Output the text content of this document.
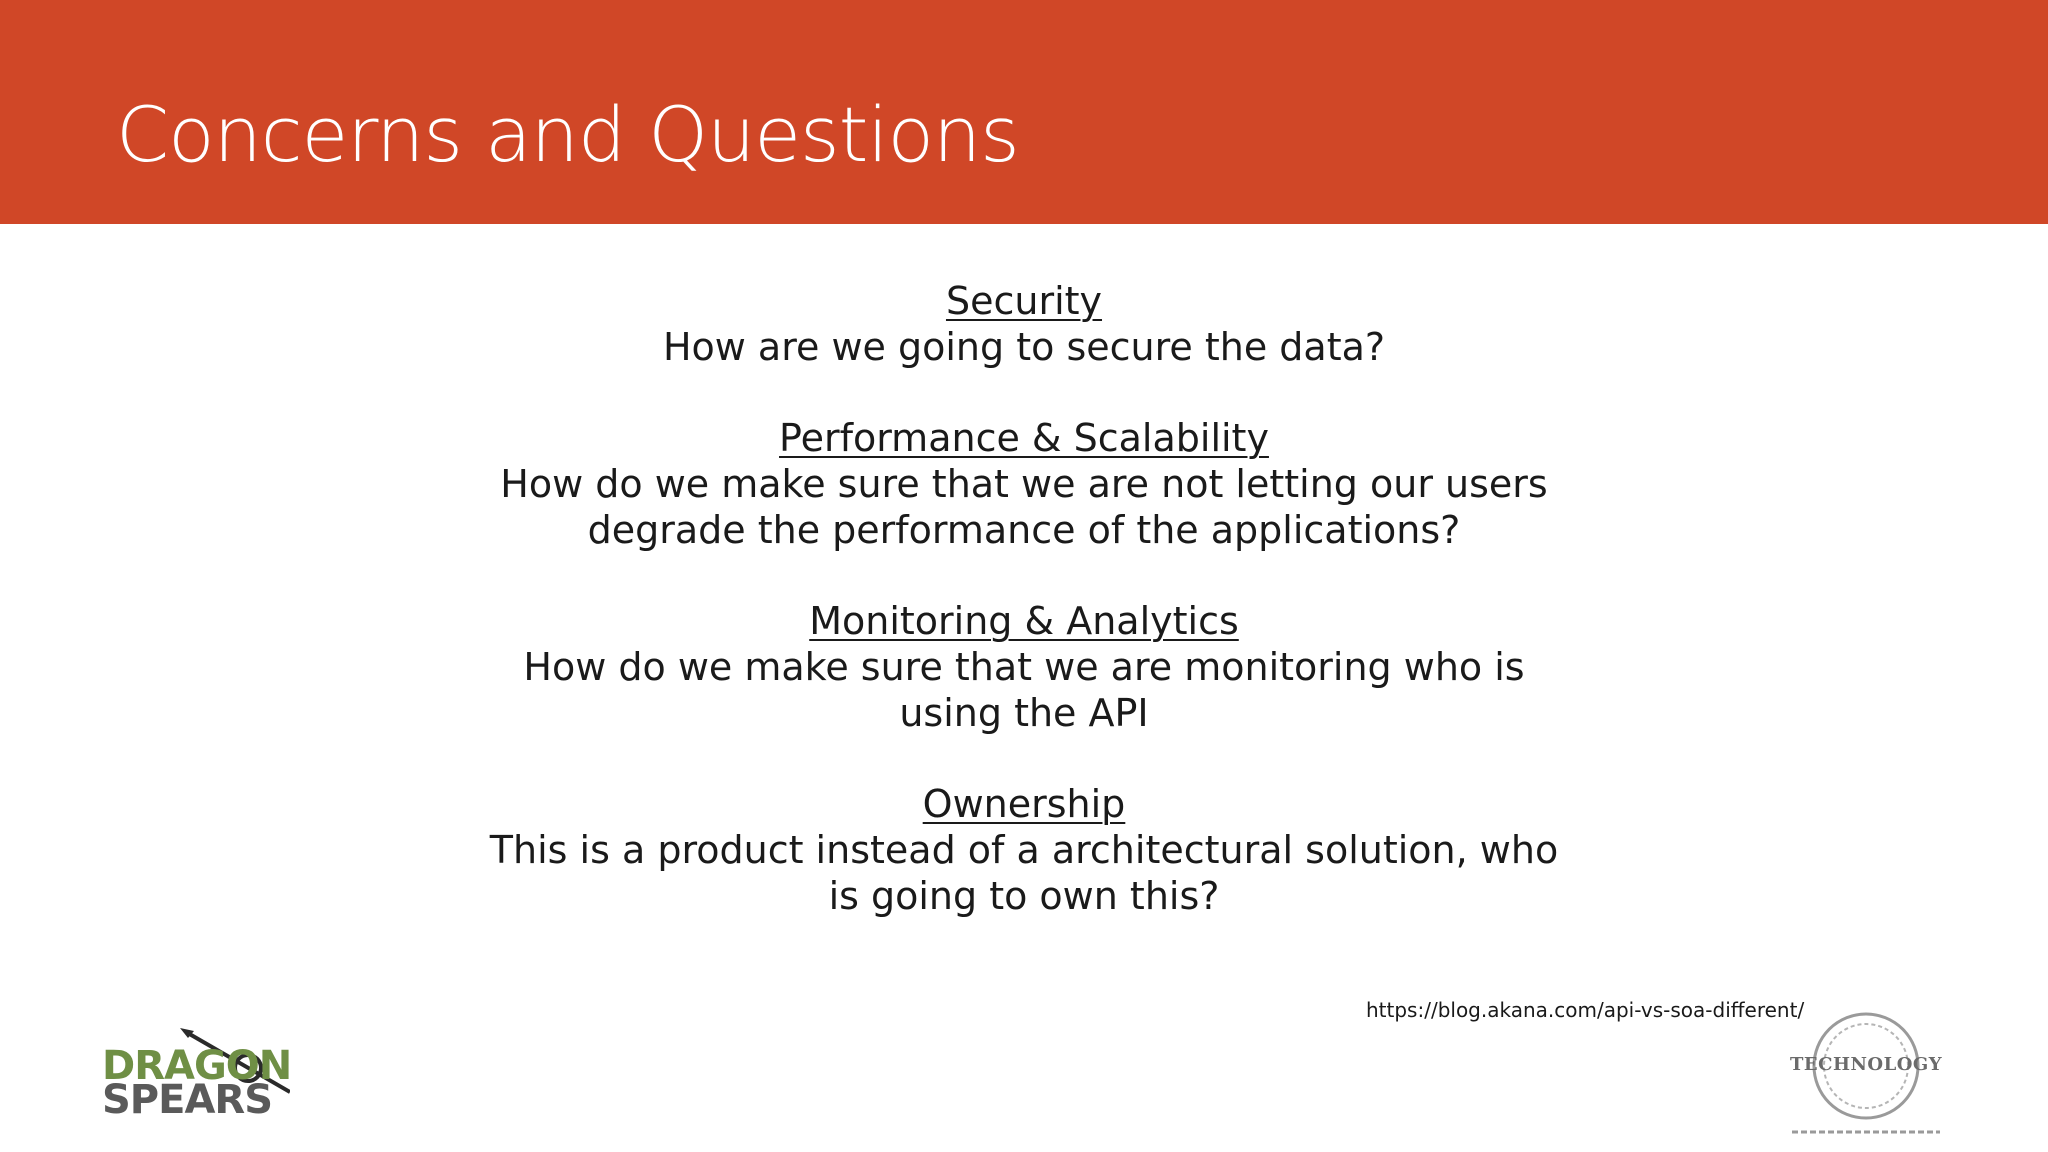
Concerns and Questions
Security
How are we going to secure the data?
Performance & Scalability
How do we make sure that we are not letting our users degrade the performance of the applications?
Monitoring & Analytics
How do we make sure that we are monitoring who is using the API
Ownership
This is a product instead of a architectural solution, who is going to own this?
https://blog.akana.com/api-vs-soa-different/
DRAGON
SPEARS
TECHNOLOGY
